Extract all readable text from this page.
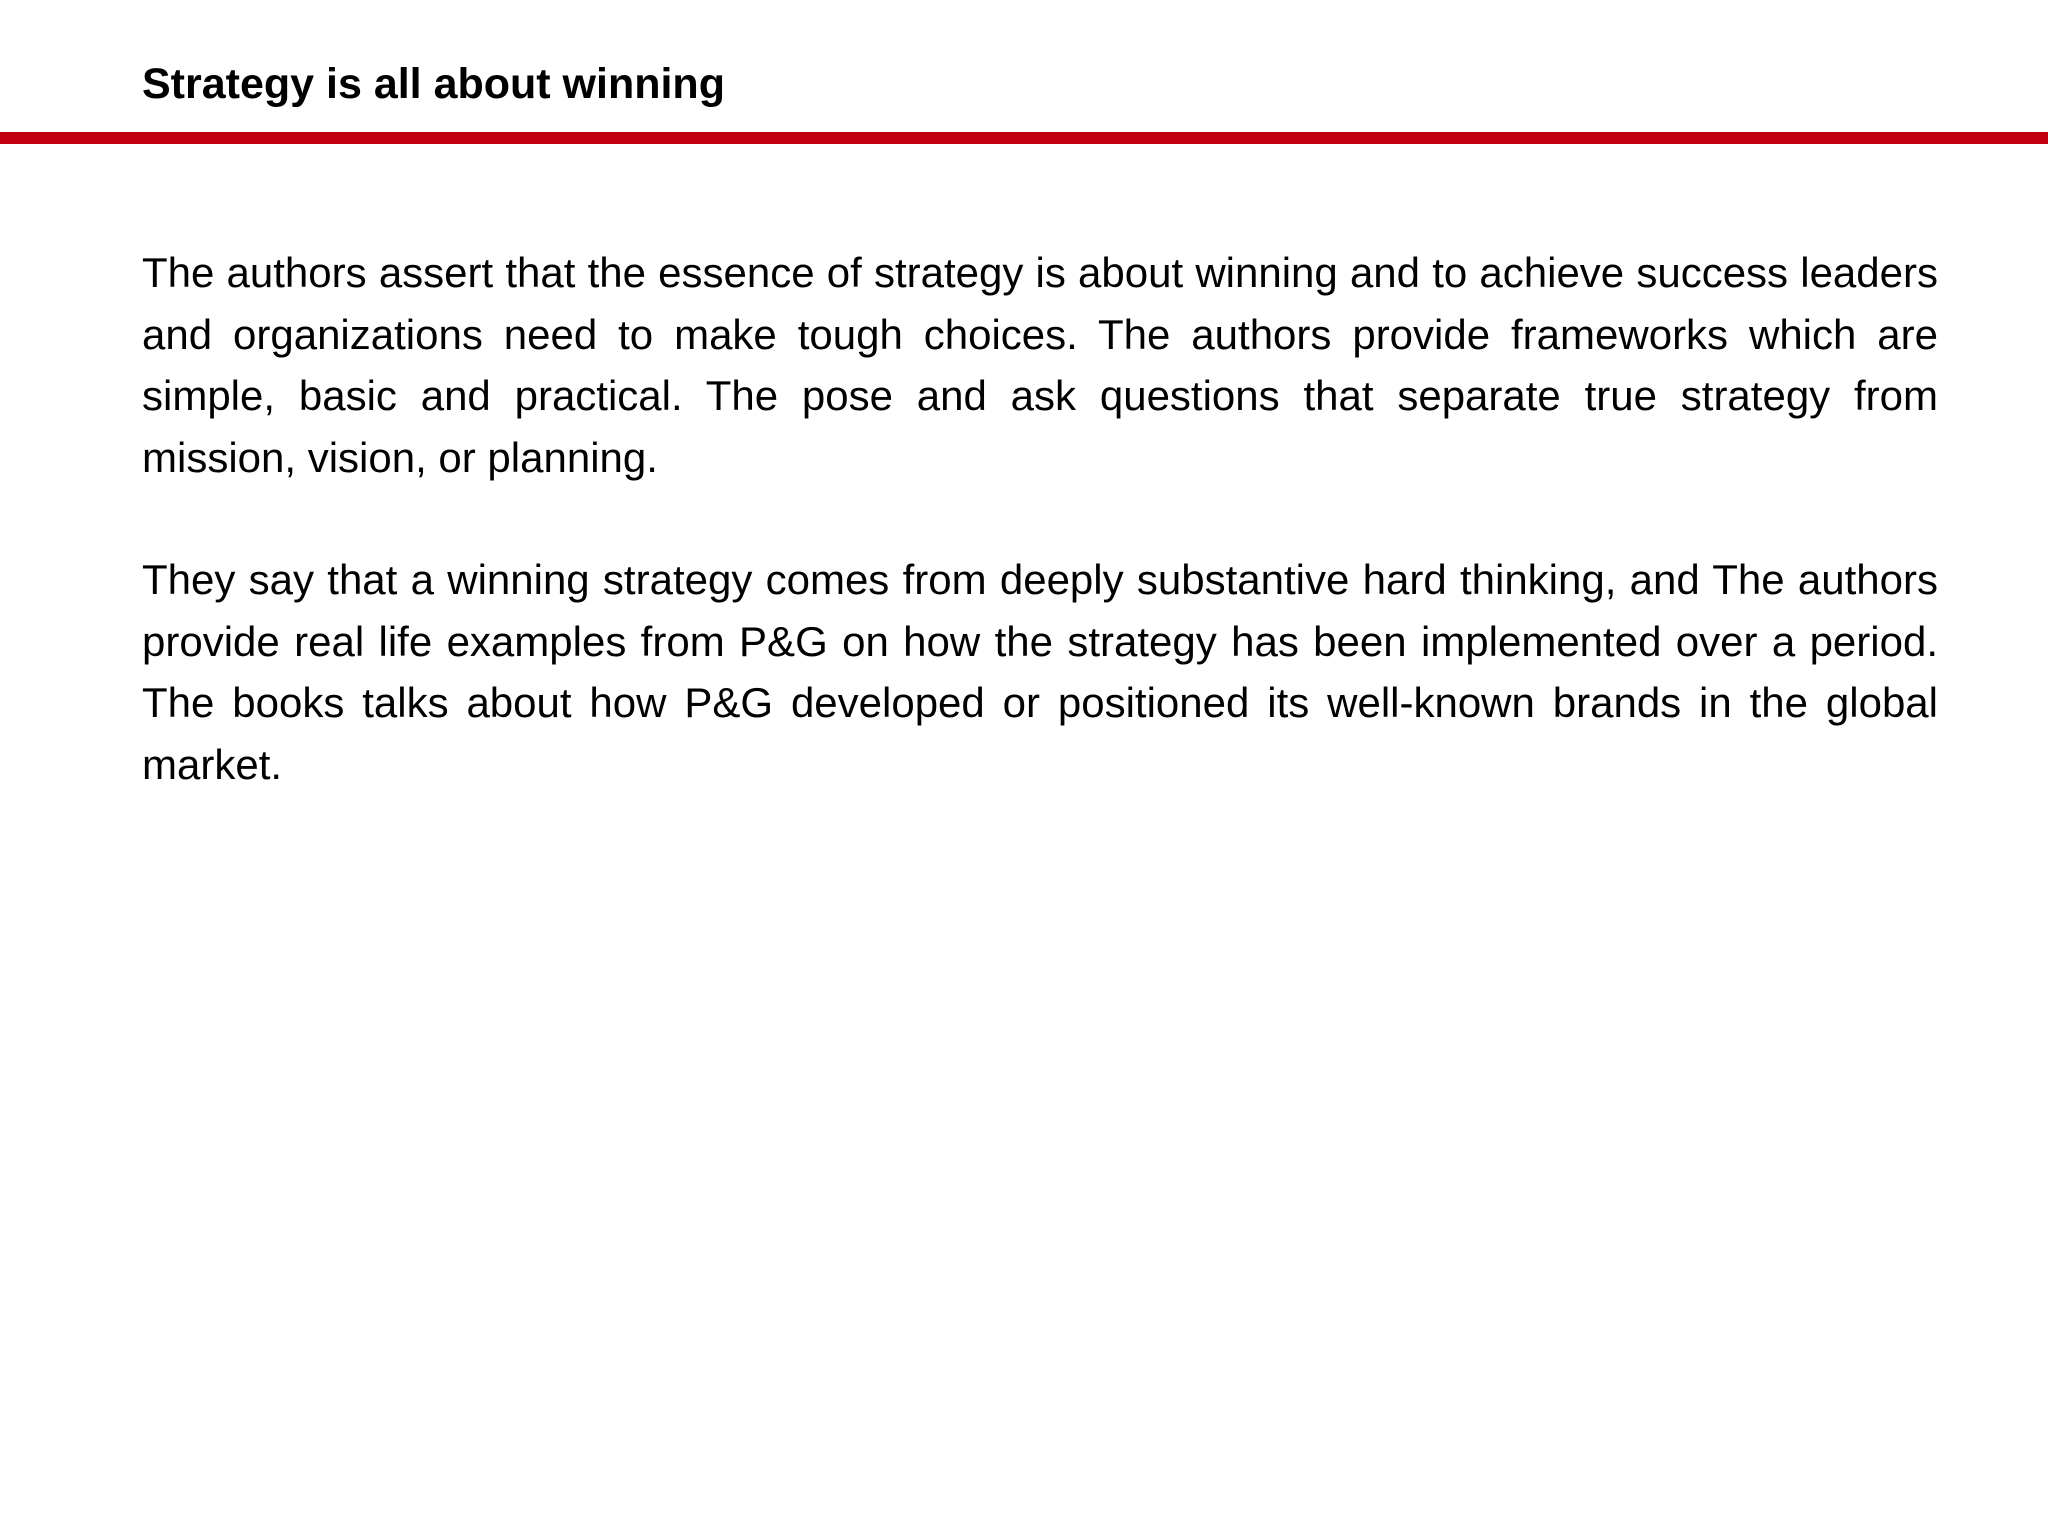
Strategy is all about winning

The authors assert that the essence of strategy is about winning and to achieve success leaders and organizations need to make tough choices. The authors provide frameworks which are simple, basic and practical. The pose and ask questions that separate true strategy from mission, vision, or planning.

They say that a winning strategy comes from deeply substantive hard thinking, and The authors provide real life examples from P&G on how the strategy has been implemented over a period. The books talks about how P&G developed or positioned its well-known brands in the global market.
